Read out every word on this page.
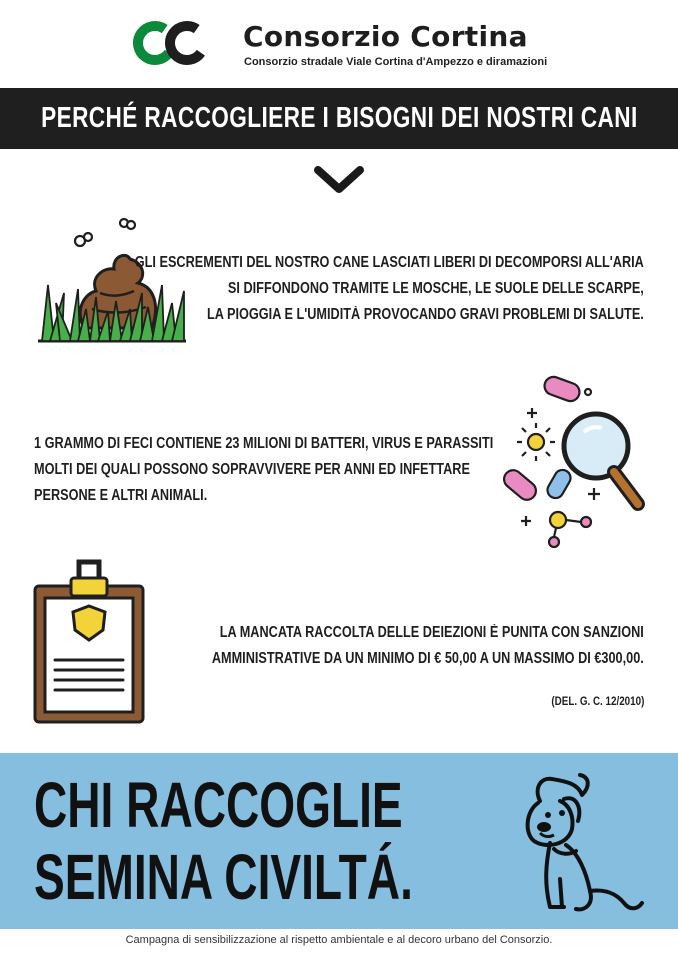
Consorzio Cortina
Consorzio stradale Viale Cortina d'Ampezzo e diramazioni
PERCHÉ RACCOGLIERE I BISOGNI DEI NOSTRI CANI
GLI ESCREMENTI DEL NOSTRO CANE LASCIATI LIBERI DI DECOMPORSI ALL'ARIA
SI DIFFONDONO TRAMITE LE MOSCHE, LE SUOLE DELLE SCARPE,
LA PIOGGIA E L'UMIDITÀ PROVOCANDO GRAVI PROBLEMI DI SALUTE.
1 GRAMMO DI FECI CONTIENE 23 MILIONI DI BATTERI, VIRUS E PARASSITI
MOLTI DEI QUALI POSSONO SOPRAVVIVERE PER ANNI ED INFETTARE
PERSONE E ALTRI ANIMALI.
LA MANCATA RACCOLTA DELLE DEIEZIONI È PUNITA CON SANZIONI
AMMINISTRATIVE DA UN MINIMO DI € 50,00 A UN MASSIMO DI €300,00.
(DEL. G. C. 12/2010)
CHI RACCOGLIE
SEMINA CIVILTÁ.
Campagna di sensibilizzazione al rispetto ambientale e al decoro urbano del Consorzio.
